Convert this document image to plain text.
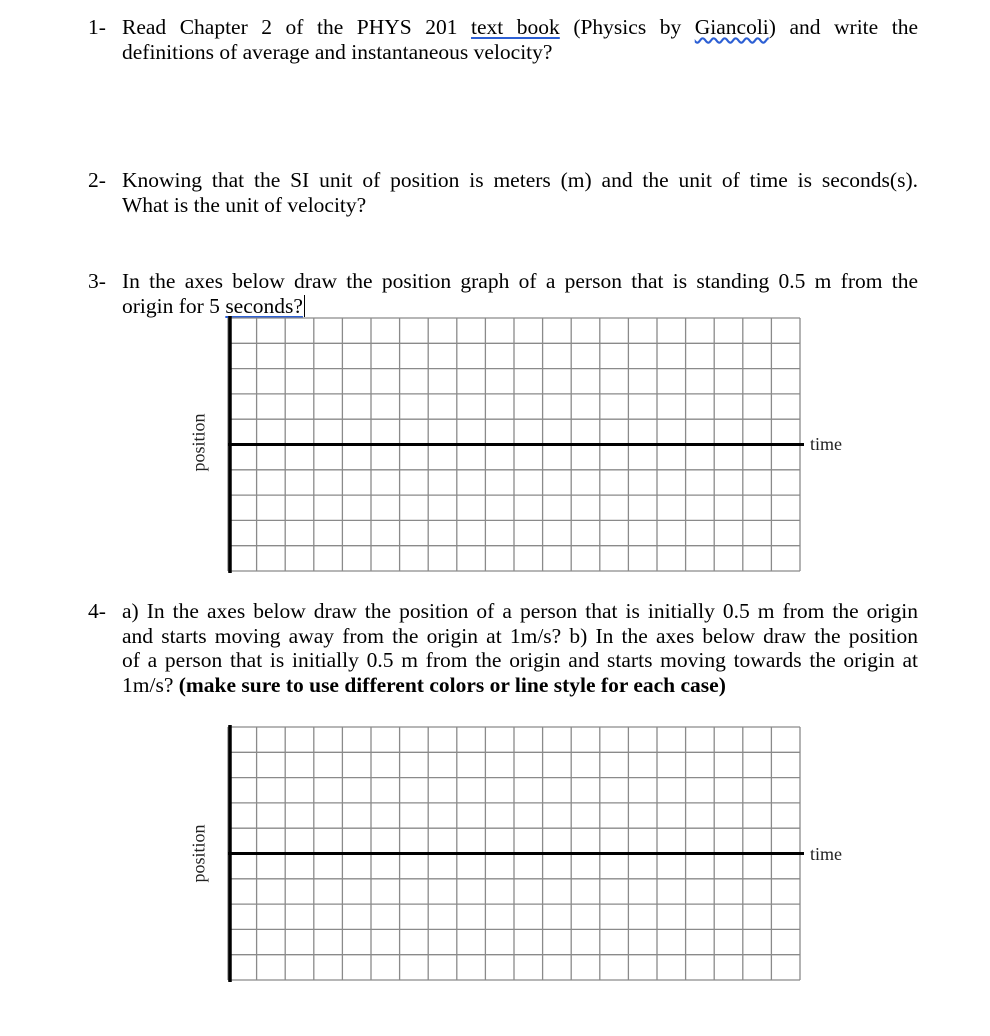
1- Read Chapter 2 of the PHYS 201 text book (Physics by Giancoli) and write the
definitions of average and instantaneous velocity?
2- Knowing that the SI unit of position is meters (m) and the unit of time is seconds(s).
What is the unit of velocity?
3- In the axes below draw the position graph of a person that is standing 0.5 m from the
origin for 5 seconds?
position	time
4- a) In the axes below draw the position of a person that is initially 0.5 m from the origin
and starts moving away from the origin at 1m/s? b) In the axes below draw the position
of a person that is initially 0.5 m from the origin and starts moving towards the origin at
1m/s? (make sure to use different colors or line style for each case)
position	time
